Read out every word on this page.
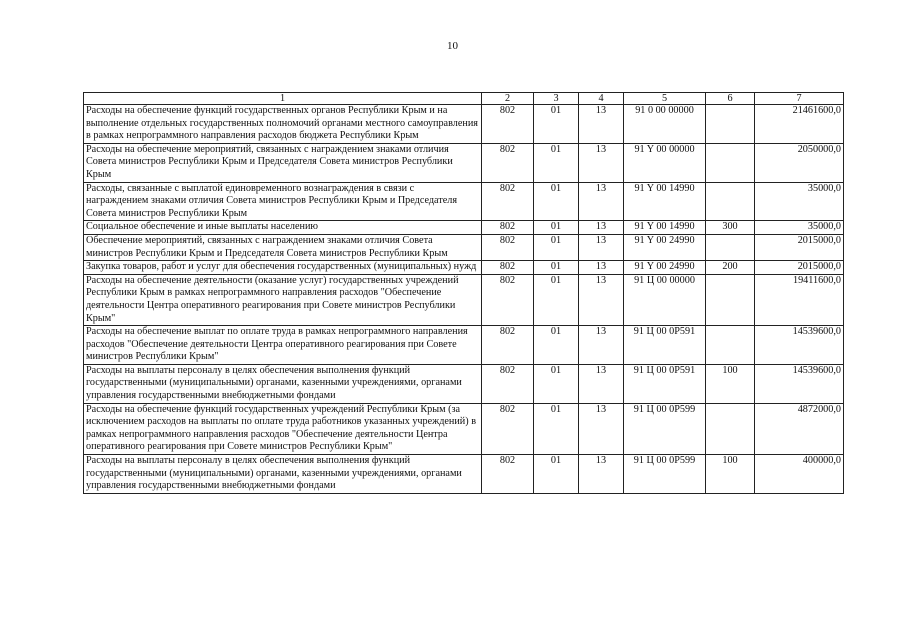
10
1	2	3	4	5	6	7
Расходы на обеспечение функций государственных органов Республики Крым и на выполнение отдельных государственных полномочий органами местного самоуправления в рамках непрограммного направления расходов бюджета Республики Крым	802	01	13	91 0 00 00000		21461600,0
Расходы на обеспечение мероприятий, связанных с награждением знаками отличия Совета министров Республики Крым и Председателя Совета министров Республики Крым	802	01	13	91 Y 00 00000		2050000,0
Расходы, связанные с выплатой единовременного вознаграждения в связи с награждением знаками отличия Совета министров Республики Крым и Председателя Совета министров Республики Крым	802	01	13	91 Y 00 14990		35000,0
Социальное обеспечение и иные выплаты населению	802	01	13	91 Y 00 14990	300	35000,0
Обеспечение мероприятий, связанных с награждением знаками отличия Совета министров Республики Крым и Председателя Совета министров Республики Крым	802	01	13	91 Y 00 24990		2015000,0
Закупка товаров, работ и услуг для обеспечения государственных (муниципальных) нужд	802	01	13	91 Y 00 24990	200	2015000,0
Расходы на обеспечение деятельности (оказание услуг) государственных учреждений Республики Крым в рамках непрограммного направления расходов "Обеспечение деятельности Центра оперативного реагирования при Совете министров Республики Крым"	802	01	13	91 Ц 00 00000		19411600,0
Расходы на обеспечение выплат по оплате труда в рамках непрограммного направления расходов "Обеспечение деятельности Центра оперативного реагирования при Совете министров Республики Крым"	802	01	13	91 Ц 00 0Р591		14539600,0
Расходы на выплаты персоналу в целях обеспечения выполнения функций государственными (муниципальными) органами, казенными учреждениями, органами управления государственными внебюджетными фондами	802	01	13	91 Ц 00 0Р591	100	14539600,0
Расходы на обеспечение функций государственных учреждений Республики Крым (за исключением расходов на выплаты по оплате труда работников указанных учреждений) в рамках непрограммного направления расходов "Обеспечение деятельности Центра оперативного реагирования при Совете министров Республики Крым"	802	01	13	91 Ц 00 0Р599		4872000,0
Расходы на выплаты персоналу в целях обеспечения выполнения функций государственными (муниципальными) органами, казенными учреждениями, органами управления государственными внебюджетными фондами	802	01	13	91 Ц 00 0Р599	100	400000,0
